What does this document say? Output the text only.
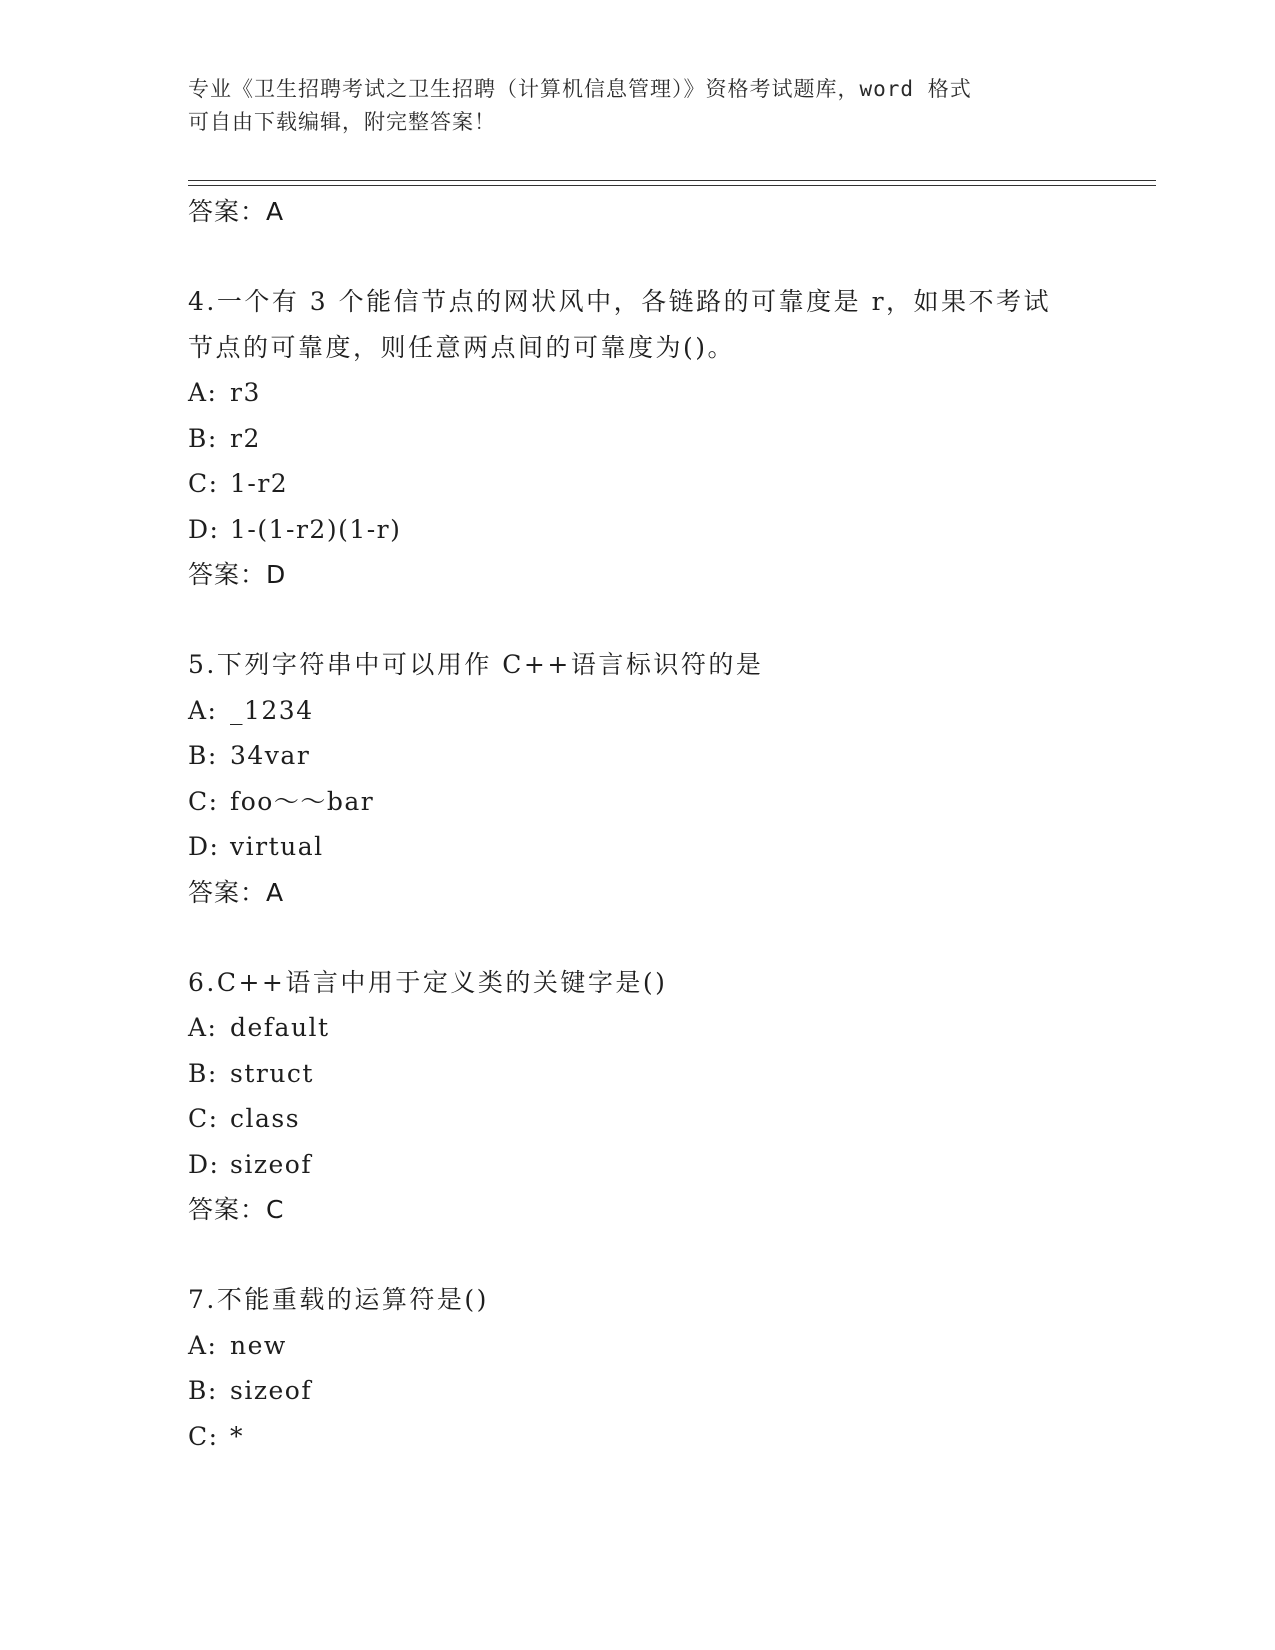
专业《卫生招聘考试之卫生招聘（计算机信息管理）》资格考试题库，word 格式
可自由下载编辑，附完整答案！
答案：A
4.一个有 3 个能信节点的网状风中，各链路的可靠度是 r，如果不考试
节点的可靠度，则任意两点间的可靠度为()。
A: r3
B: r2
C: 1-r2
D: 1-(1-r2)(1-r)
答案：D
5.下列字符串中可以用作 C++语言标识符的是
A: _1234
B: 34var
C: foo～～bar
D: virtual
答案：A
6.C++语言中用于定义类的关键字是()
A: default
B: struct
C: class
D: sizeof
答案：C
7.不能重载的运算符是()
A: new
B: sizeof
C: *
